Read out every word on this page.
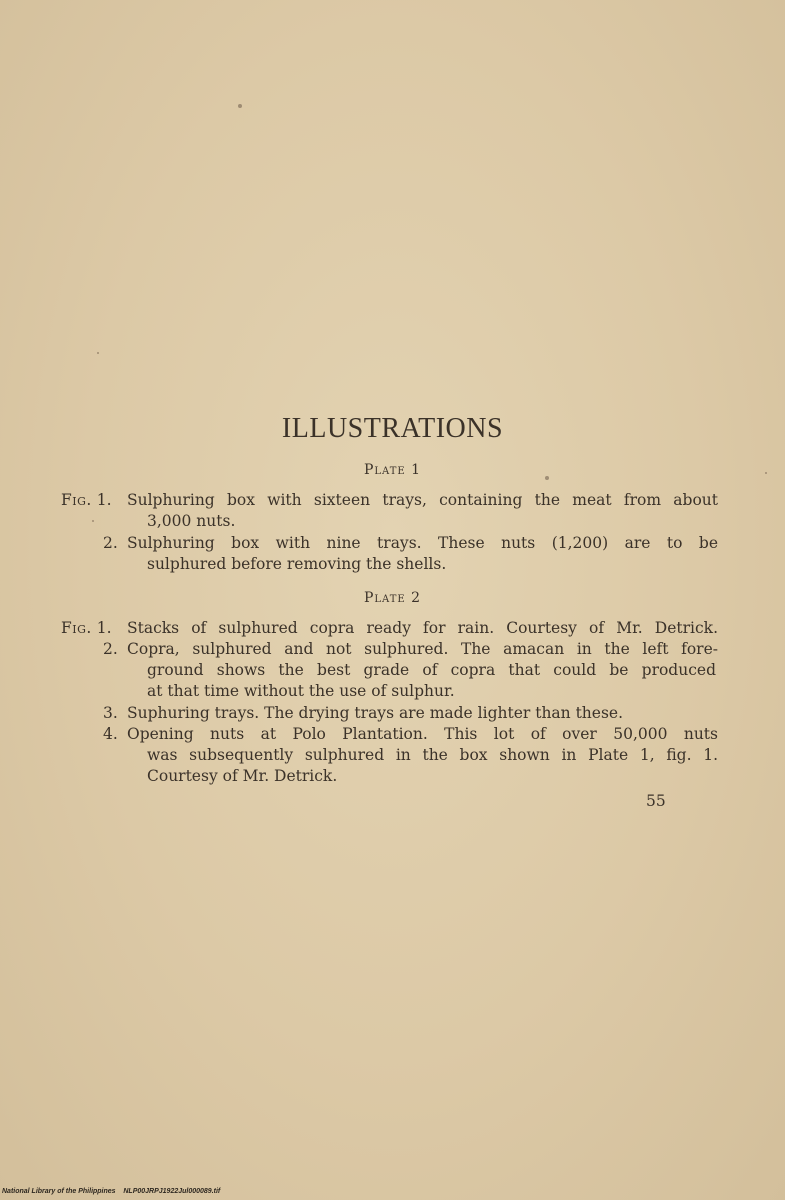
ILLUSTRATIONS
Plate 1
Fig. 1. Sulphuring box with sixteen trays, containing the meat from about
3,000 nuts.
2. Sulphuring box with nine trays. These nuts (1,200) are to be
sulphured before removing the shells.
Plate 2
Fig. 1. Stacks of sulphured copra ready for rain. Courtesy of Mr. Detrick.
2. Copra, sulphured and not sulphured. The amacan in the left fore-
ground shows the best grade of copra that could be produced
at that time without the use of sulphur.
3. Suphuring trays. The drying trays are made lighter than these.
4. Opening nuts at Polo Plantation. This lot of over 50,000 nuts
was subsequently sulphured in the box shown in Plate 1, fig. 1.
Courtesy of Mr. Detrick.
55
National Library of the Philippines NLP00JRPJ1922Jul000089.tif
